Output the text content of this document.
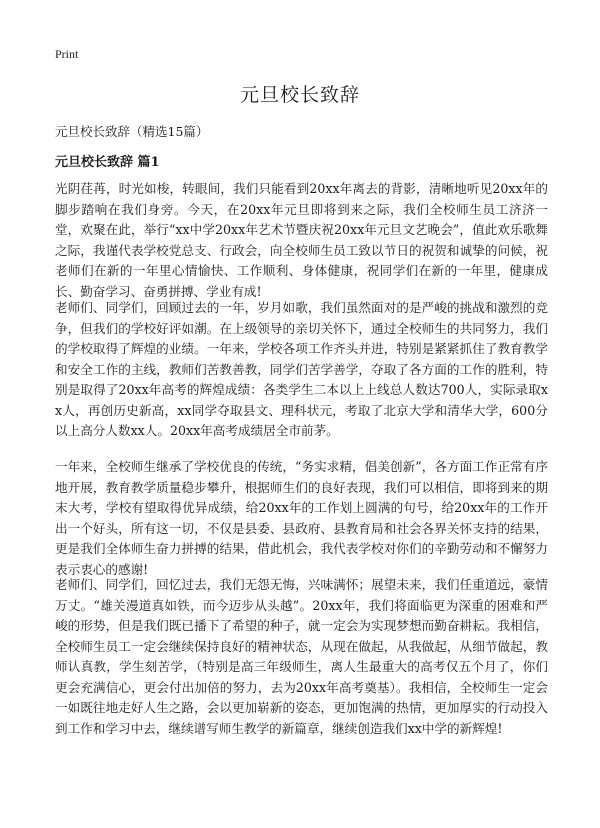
Print
元旦校长致辞

元旦校长致辞（精选15篇）

元旦校长致辞 篇1

光阴荏苒，时光如梭，转眼间，我们只能看到20xx年离去的背影，清晰地听见20xx年的脚步踏响在我们身旁。今天，在20xx年元旦即将到来之际，我们全校师生员工济济一堂，欢聚在此，举行“xx中学20xx年艺术节暨庆祝20xx年元旦文艺晚会”，值此欢乐歌舞之际，我谨代表学校党总支、行政会，向全校师生员工致以节日的祝贺和诚挚的问候，祝老师们在新的一年里心情愉快、工作顺利、身体健康，祝同学们在新的一年里，健康成长、勤奋学习、奋勇拼搏、学业有成!

老师们、同学们，回顾过去的一年，岁月如歌，我们虽然面对的是严峻的挑战和激烈的竞争，但我们的学校好评如潮。在上级领导的亲切关怀下，通过全校师生的共同努力，我们的学校取得了辉煌的业绩。一年来，学校各项工作齐头并进，特别是紧紧抓住了教育教学和安全工作的主线，教师们苦教善教，同学们苦学善学，夺取了各方面的工作的胜利，特别是取得了20xx年高考的辉煌成绩：各类学生二本以上上线总人数达700人，实际录取xx人，再创历史新高，xx同学夺取县文、理科状元，考取了北京大学和清华大学，600分以上高分人数xx人。20xx年高考成绩居全市前茅。

一年来，全校师生继承了学校优良的传统，“务实求精，倡美创新”，各方面工作正常有序地开展，教育教学质量稳步攀升，根据师生们的良好表现，我们可以相信，即将到来的期末大考，学校有望取得优异成绩，给20xx年的工作划上圆满的句号，给20xx年的工作开出一个好头，所有这一切，不仅是县委、县政府、县教育局和社会各界关怀支持的结果，更是我们全体师生奋力拼搏的结果，借此机会，我代表学校对你们的辛勤劳动和不懈努力表示衷心的感谢!

老师们、同学们，回忆过去，我们无怨无悔，兴味满怀；展望未来，我们任重道远，豪情万丈。“雄关漫道真如铁，而今迈步从头越”。20xx年，我们将面临更为深重的困难和严峻的形势，但是我们既已播下了希望的种子，就一定会为实现梦想而勤奋耕耘。我相信，全校师生员工一定会继续保持良好的精神状态，从现在做起，从我做起，从细节做起，教师认真教，学生刻苦学，（特别是高三年级师生，离人生最重大的高考仅五个月了，你们更会充满信心，更会付出加倍的努力，去为20xx年高考奠基）。我相信，全校师生一定会一如既往地走好人生之路，会以更加崭新的姿态，更加饱满的热情，更加厚实的行动投入到工作和学习中去，继续谱写师生教学的新篇章，继续创造我们xx中学的新辉煌!
